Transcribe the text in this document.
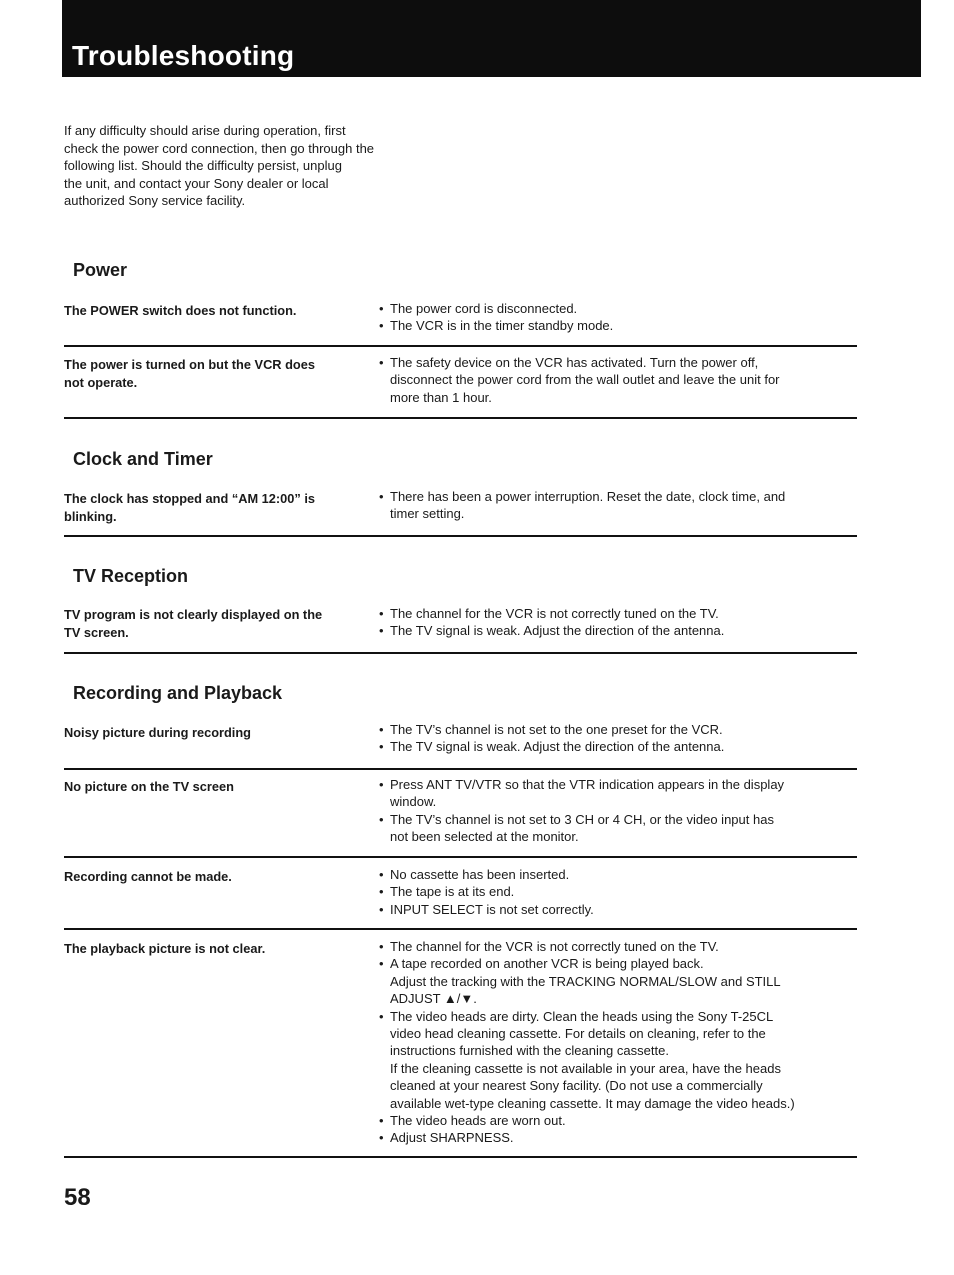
Troubleshooting
If any difficulty should arise during operation, first
check the power cord connection, then go through the
following list. Should the difficulty persist, unplug
the unit, and contact your Sony dealer or local
authorized Sony service facility.
Power
The POWER switch does not function.	• The power cord is disconnected.
• The VCR is in the timer standby mode.
The power is turned on but the VCR does
not operate.
• The safety device on the VCR has activated. Turn the power off,
disconnect the power cord from the wall outlet and leave the unit for
more than 1 hour.
Clock and Timer
The clock has stopped and “AM 12:00” is
blinking.
• There has been a power interruption. Reset the date, clock time, and
timer setting.
TV Reception
TV program is not clearly displayed on the
TV screen.
• The channel for the VCR is not correctly tuned on the TV.
• The TV signal is weak. Adjust the direction of the antenna.
Recording and Playback
Noisy picture during recording	• The TV’s channel is not set to the one preset for the VCR.
• The TV signal is weak. Adjust the direction of the antenna.
No picture on the TV screen	• Press ANT TV/VTR so that the VTR indication appears in the display
window.
• The TV’s channel is not set to 3 CH or 4 CH, or the video input has
not been selected at the monitor.
Recording cannot be made.	• No cassette has been inserted.
• The tape is at its end.
• INPUT SELECT is not set correctly.
The playback picture is not clear.	• The channel for the VCR is not correctly tuned on the TV.
• A tape recorded on another VCR is being played back.
Adjust the tracking with the TRACKING NORMAL/SLOW and STILL
ADJUST ▲/▼.
• The video heads are dirty. Clean the heads using the Sony T-25CL
video head cleaning cassette. For details on cleaning, refer to the
instructions furnished with the cleaning cassette.
If the cleaning cassette is not available in your area, have the heads
cleaned at your nearest Sony facility. (Do not use a commercially
available wet-type cleaning cassette. It may damage the video heads.)
• The video heads are worn out.
• Adjust SHARPNESS.
58
